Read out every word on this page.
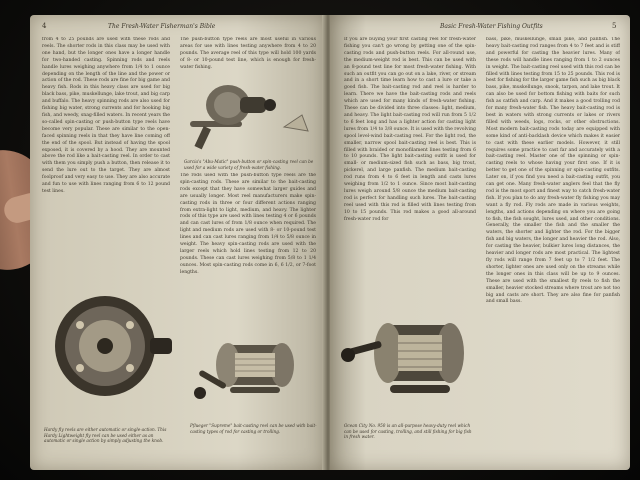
4	The Fresh-Water Fisherman's Bible
from 4 to 25 pounds are used with these rods and reels. The shorter rods in this class may be used with one hand, but the longer ones have a longer handle for two-handed casting. Spinning rods and reels handle lures weighing anywhere from 1/4 to 1 ounce depending on the length of the line and the power or action of the rod. These rods are fine for big game and heavy fish. Rods in this heavy class are used for big black bass, pike, muskellunge, lake trout, and big carp and buffalo. The heavy spinning rods are also used for fishing big water, strong currents and for hooking big fish, and weedy, snag-filled waters. In recent years the so-called spin-casting or push-button type reels have become very popular. These are similar to the open-faced spinning reels in that they have line coming off the end of the spool. But instead of having the spool exposed, it is covered by a hood. They are mounted above the rod like a bait-casting reel. In order to cast with them you simply push a button, then release it to send the lure out to the target. They are almost foolproof and very easy to use. They are also accurate and fun to use with lines ranging from 6 to 12 pound test lines.
The push-button type reels are most useful in various areas for use with lines testing anywhere from 4 to 20 pounds. The average reel of this type will hold 100 yards of 8- or 10-pound test line, which is enough for fresh-water fishing.
Garcia's "Abu-Matic" push-button or spin-casting reel can be used for a wide variety of fresh-water fishing.
The rods used with the push-button type reels are the spin-casting rods. These are similar to the bait-casting rods except that they have somewhat larger guides and are usually longer. Most reel manufacturers make spin-casting rods in three or four different actions ranging from extra-light to light, medium, and heavy. The lighter rods of this type are used with lines testing 4 or 6 pounds and can cast lures of from 1/8 ounce when required. The light and medium rods are used with 8- or 10-pound test lines and can cast lures ranging from 1/4 to 5/8 ounce in weight. The heavy spin-casting rods are used with the larger reels which hold lines testing from 12 to 20 pounds. These can cast lures weighing from 5/8 to 1 1/4 ounces. Most spin-casting rods come in 6, 6 1/2, or 7-foot lengths.
Hardy fly reels are either automatic or single-action. This Hardy Lightweight fly reel can be used either as an automatic or single action by simply adjusting the knob.
Pflueger "Supreme" bait-casting reel can be used with bait-casting types of rod for casting or trolling.
Basic Fresh-Water Fishing Outfits	5
If you are buying your first casting reel for fresh-water fishing you can't go wrong by getting one of the spin-casting rods and push-button reels. For all-round use, the medium-weight rod is best. This can be used with an 8-pound test line for most fresh-water fishing. With such an outfit you can go out on a lake, river, or stream and in a short time learn how to cast a lure or take a good fish. The bait-casting rod and reel is harder to learn. There we have the bait-casting rods and reels which are used for many kinds of fresh-water fishing. These can be divided into three classes: light, medium, and heavy. The light bait-casting rod will run from 5 1/2 to 6 feet long and has a lighter action for casting light lures from 1/4 to 3/8 ounce. It is used with the revolving spool level-wind bait-casting reel. For the light rod, the smaller, narrow spool bait-casting reel is best. This is filled with braided or monofilament lines testing from 6 to 10 pounds. The light bait-casting outfit is used for small- or medium-sized fish such as bass, big trout, pickerel, and large panfish. The medium bait-casting rod runs from 4 to 6 feet in length and casts lures weighing from 1/2 to 1 ounce. Since most bait-casting lures weigh around 5/8 ounce the medium bait-casting rod is perfect for handling such lures. The bait-casting reel used with this rod is filled with lines testing from 10 to 15 pounds. This rod makes a good all-around fresh-water rod for
bass, pike, muskellunge, small pike, and panfish. The heavy bait-casting rod ranges from 4 to 7 feet and is stiff and powerful for casting the heavier lures. Many of these rods will handle lines ranging from 1 to 2 ounces in weight. The bait-casting reel used with this rod can be filled with lines testing from 15 to 25 pounds. This rod is best for fishing for the larger game fish such as big black bass, pike, muskellunge, snook, tarpon, and lake trout. It can also be used for bottom fishing with baits for such fish as catfish and carp. And it makes a good trolling rod for many fresh-water fish. The heavy bait-casting rod is best in waters with strong currents or lakes or rivers filled with weeds, logs, rocks, or other obstructions. Most modern bait-casting rods today are equipped with some kind of anti-backlash device which makes it easier to cast with these earlier models. However, it still requires some practice to cast far and accurately with a bait-casting reel. Master one of the spinning or spin-casting reels to whose having your first one. If it is better to get one of the spinning or spin-casting outfits. Later on, if you find you need a bait-casting outfit, you can get one. Many fresh-water anglers feel that the fly rod is the most sport and finest way to catch fresh-water fish. If you plan to do any fresh-water fly fishing you may want a fly rod. Fly rods are made in various weights, lengths, and actions depending on where you are going to fish, the fish sought, lures used, and other conditions. Generally, the smaller the fish and the smaller the waters, the shorter and lighter the rod. For the bigger fish and big waters, the longer and heavier the rod. Also, for casting the heavier, bulkier lures long distances, the heavier and longer rods are most practical. The lightest fly rods will range from 7 feet up to 7 1/2 feet. The shorter, lighter ones are used only on the streams while the longer ones in this class will be up to 9 ounces. These are used with the smallest fly reels to fish the smaller, heavier stocked streams where trout are not too big and casts are short. They are also fine for panfish and small bass.
Ocean City No. 950 is an all-purpose heavy-duty reel which can be used for casting, trolling, and still fishing for big fish in fresh water.
